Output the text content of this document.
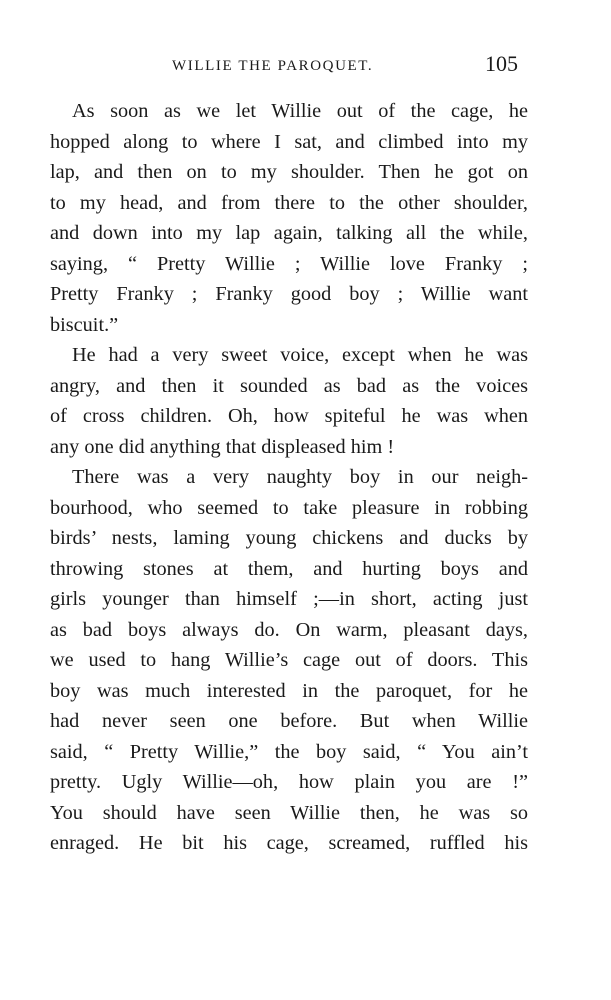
WILLIE THE PAROQUET.	105
As soon as we let Willie out of the cage, he
hopped along to where I sat, and climbed into my
lap, and then on to my shoulder. Then he got on
to my head, and from there to the other shoulder,
and down into my lap again, talking all the while,
saying, “ Pretty Willie ; Willie love Franky ;
Pretty Franky ; Franky good boy ; Willie want
biscuit.”
He had a very sweet voice, except when he was
angry, and then it sounded as bad as the voices
of cross children. Oh, how spiteful he was when
any one did anything that displeased him !
There was a very naughty boy in our neigh-
bourhood, who seemed to take pleasure in robbing
birds’ nests, laming young chickens and ducks by
throwing stones at them, and hurting boys and
girls younger than himself ;—in short, acting just
as bad boys always do. On warm, pleasant days,
we used to hang Willie’s cage out of doors. This
boy was much interested in the paroquet, for he
had never seen one before. But when Willie
said, “ Pretty Willie,” the boy said, “ You ain’t
pretty. Ugly Willie—oh, how plain you are !”
You should have seen Willie then, he was so
enraged. He bit his cage, screamed, ruffled his
